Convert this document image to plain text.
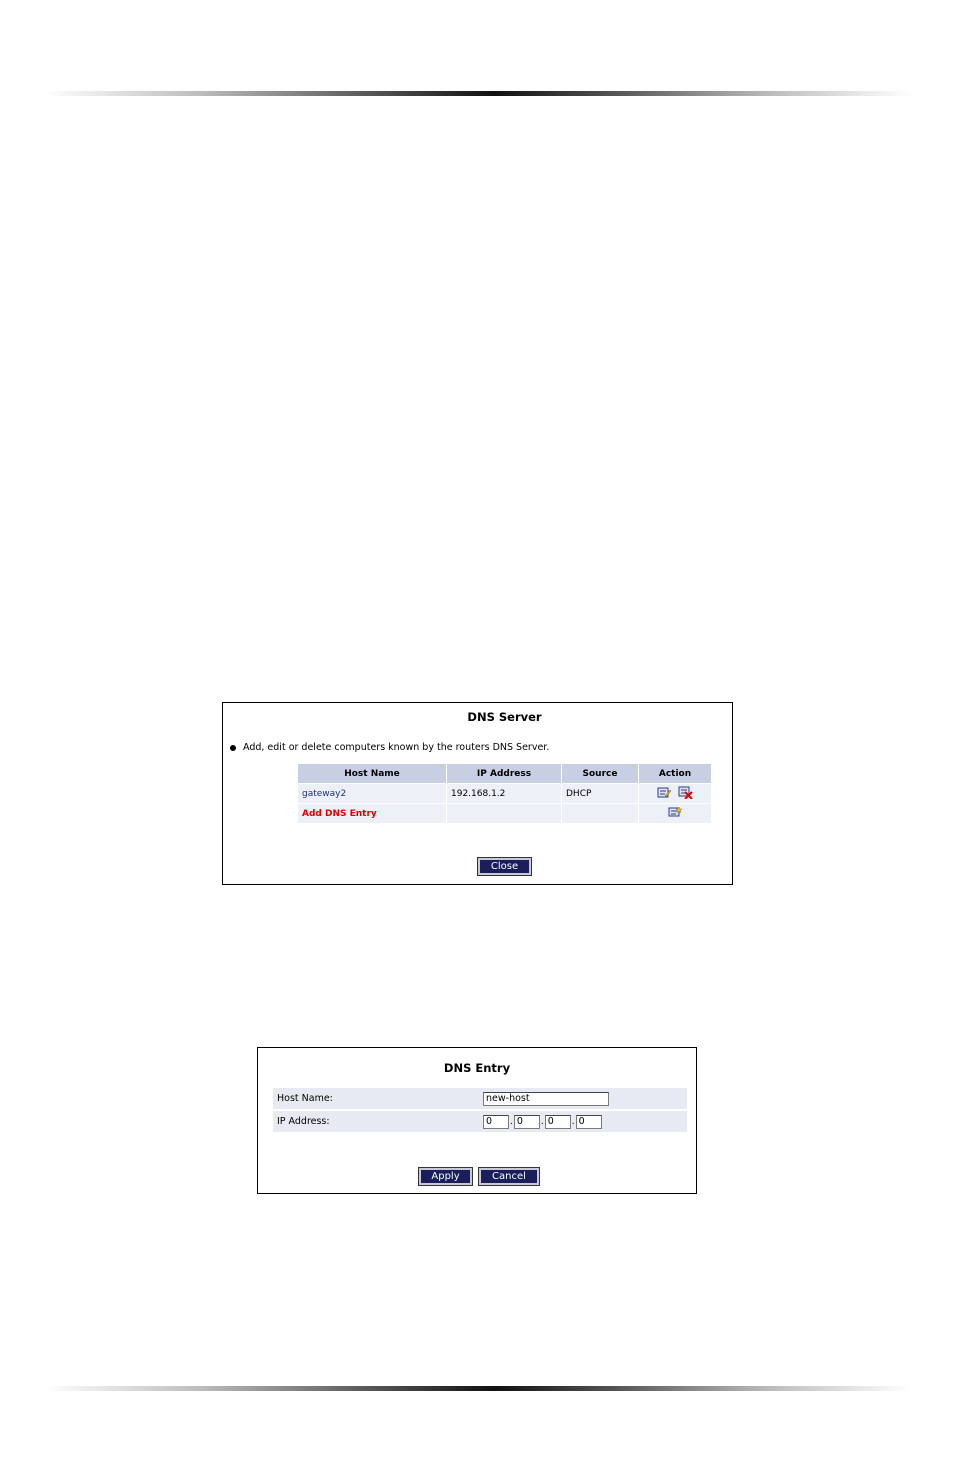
DNS Server
Add, edit or delete computers known by the routers DNS Server.
Host Name	IP Address	Source	Action
gateway2	192.168.1.2	DHCP	
Add DNS Entry			
Close
DNS Entry
Host Name:	new-host
IP Address:	0.0 .0 .0
Apply	Cancel
